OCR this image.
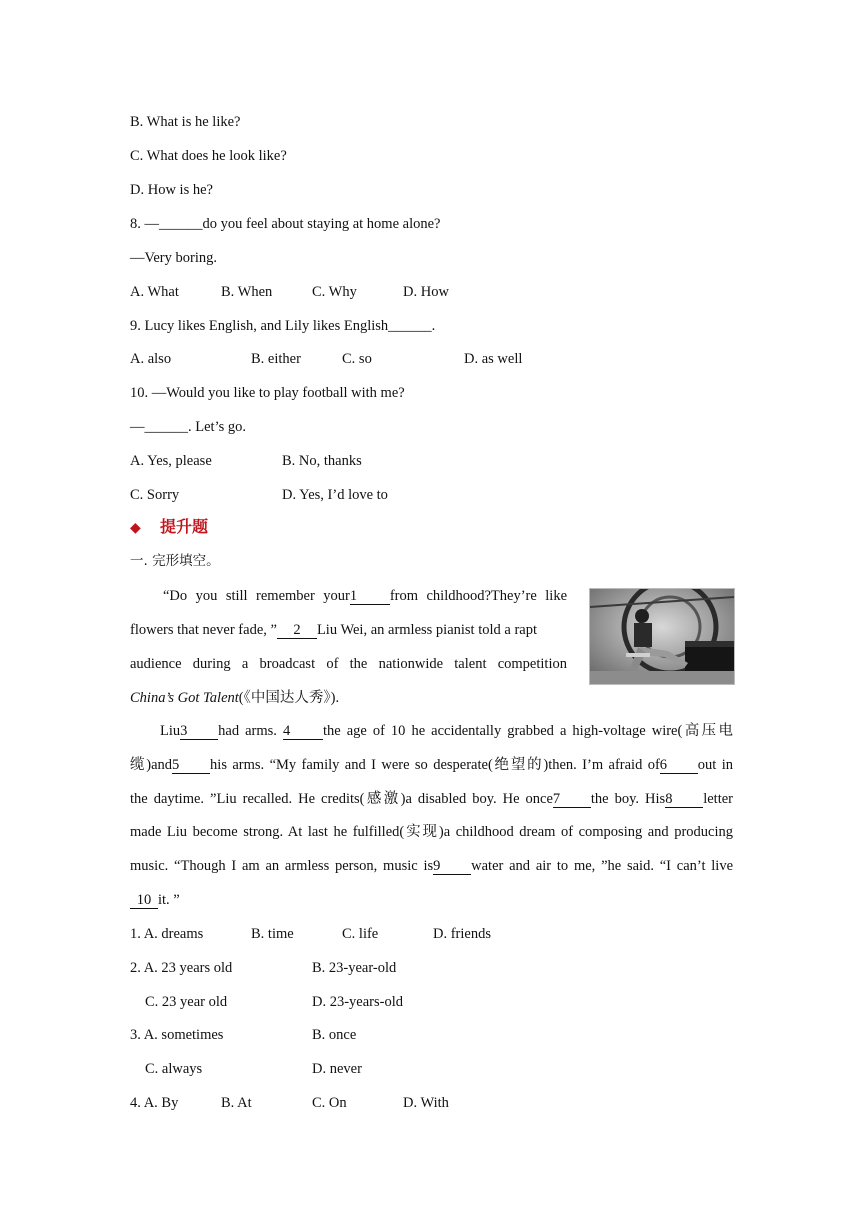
B. What is he like?
C. What does he look like?
D. How is he?
8. —______do you feel about staying at home alone?
—Very boring.
A. What	B. When	C. Why	D. How
9. Lucy likes English, and Lily likes English______.
A. also	B. either	C. so	D. as well
10. —Would you like to play football with me?
—______. Let’s go.
A. Yes, please	B. No, thanks
C. Sorry	D. Yes, I’d love to
◆ 提升题
一. 完形填空。
“Do you still remember your1 from childhood?They’re like
flowers that never fade, ” 2 Liu Wei, an armless pianist told a rapt
audience during a broadcast of the nationwide talent competition
China’s Got Talent(《中国达人秀》).
Liu3 had arms. 4 the age of 10 he accidentally grabbed a high-voltage wire(高压电
缆)and5 his arms. “My family and I were so desperate(绝望的)then. I’m afraid of6 out in
the daytime. ”Liu recalled. He credits(感激)a disabled boy. He once7 the boy. His8 letter
made Liu become strong. At last he fulfilled(实现)a childhood dream of composing and producing
music. “Though I am an armless person, music is9 water and air to me, ”he said. “I can’t live
10 it. ”
1. A. dreams	B. time	C. life	D. friends
2. A. 23 years old	B. 23-year-old
C. 23 year old	D. 23-years-old
3. A. sometimes	B. once
C. always	D. never
4. A. By	B. At	C. On	D. With
